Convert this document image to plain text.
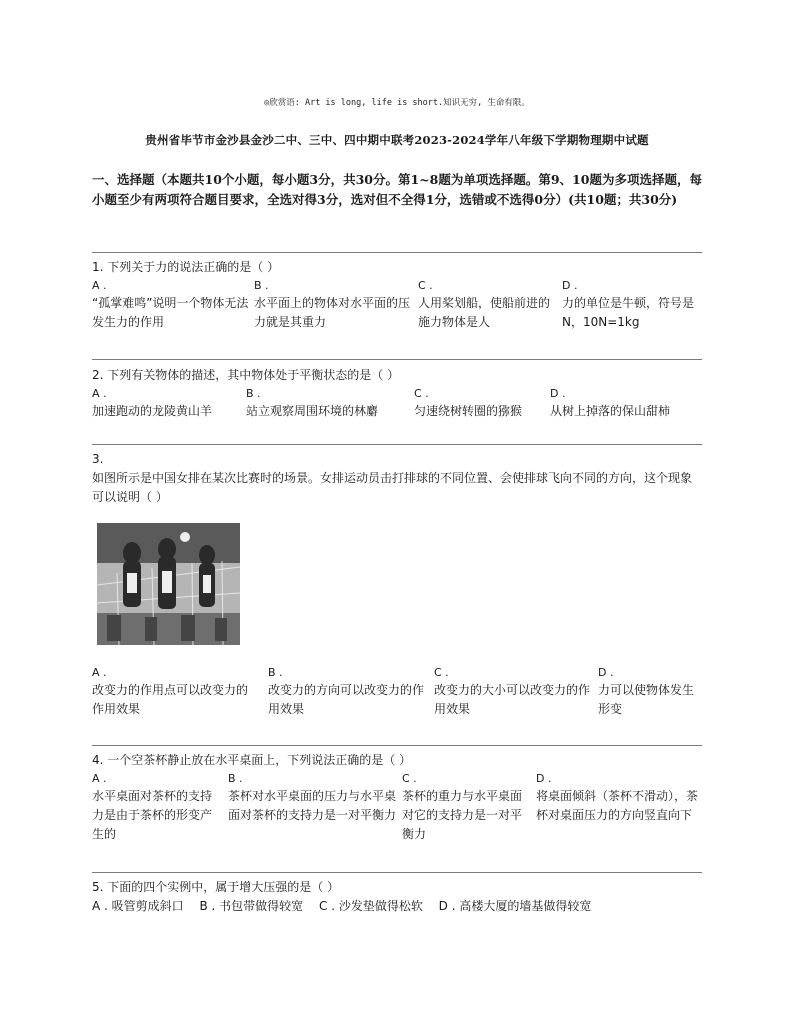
◎欣赏语: Art is long, life is short.知识无穷, 生命有限。
贵州省毕节市金沙县金沙二中、三中、四中期中联考2023-2024学年八年级下学期物理期中试题
一、选择题（本题共10个小题，每小题3分，共30分。第1~8题为单项选择题。第9、10题为多项选择题，每小题至少有两项符合题目要求，全选对得3分，选对但不全得1分，选错或不选得0分）(共10题；共30分)
1. 下列关于力的说法正确的是（ ）
A .
“孤掌难鸣”说明一个物体无法发生力的作用
B .
水平面上的物体对水平面的压力就是其重力
C .
人用桨划船，使船前进的施力物体是人
D .
力的单位是牛顿，符号是N，10N=1kg
2. 下列有关物体的描述，其中物体处于平衡状态的是（ ）
A .
加速跑动的龙陵黄山羊
B .
站立观察周围环境的林麝
C .
匀速绕树转圈的猕猴
D .
从树上掉落的保山甜柿
3.
如图所示是中国女排在某次比赛时的场景。女排运动员击打排球的不同位置、会使排球飞向不同的方向，这个现象可以说明（ ）
A .
改变力的作用点可以改变力的作用效果
B .
改变力的方向可以改变力的作用效果
C .
改变力的大小可以改变力的作用效果
D .
力可以使物体发生形变
4. 一个空茶杯静止放在水平桌面上，下列说法正确的是（ ）
A .
水平桌面对茶杯的支持力是由于茶杯的形变产生的
B .
茶杯对水平桌面的压力与水平桌面对茶杯的支持力是一对平衡力
C .
茶杯的重力与水平桌面对它的支持力是一对平衡力
D .
将桌面倾斜（茶杯不滑动），茶杯对桌面压力的方向竖直向下
5. 下面的四个实例中，属于增大压强的是（ ）
A . 吸管剪成斜口 B . 书包带做得较宽 C . 沙发垫做得松软 D . 高楼大厦的墙基做得较宽
